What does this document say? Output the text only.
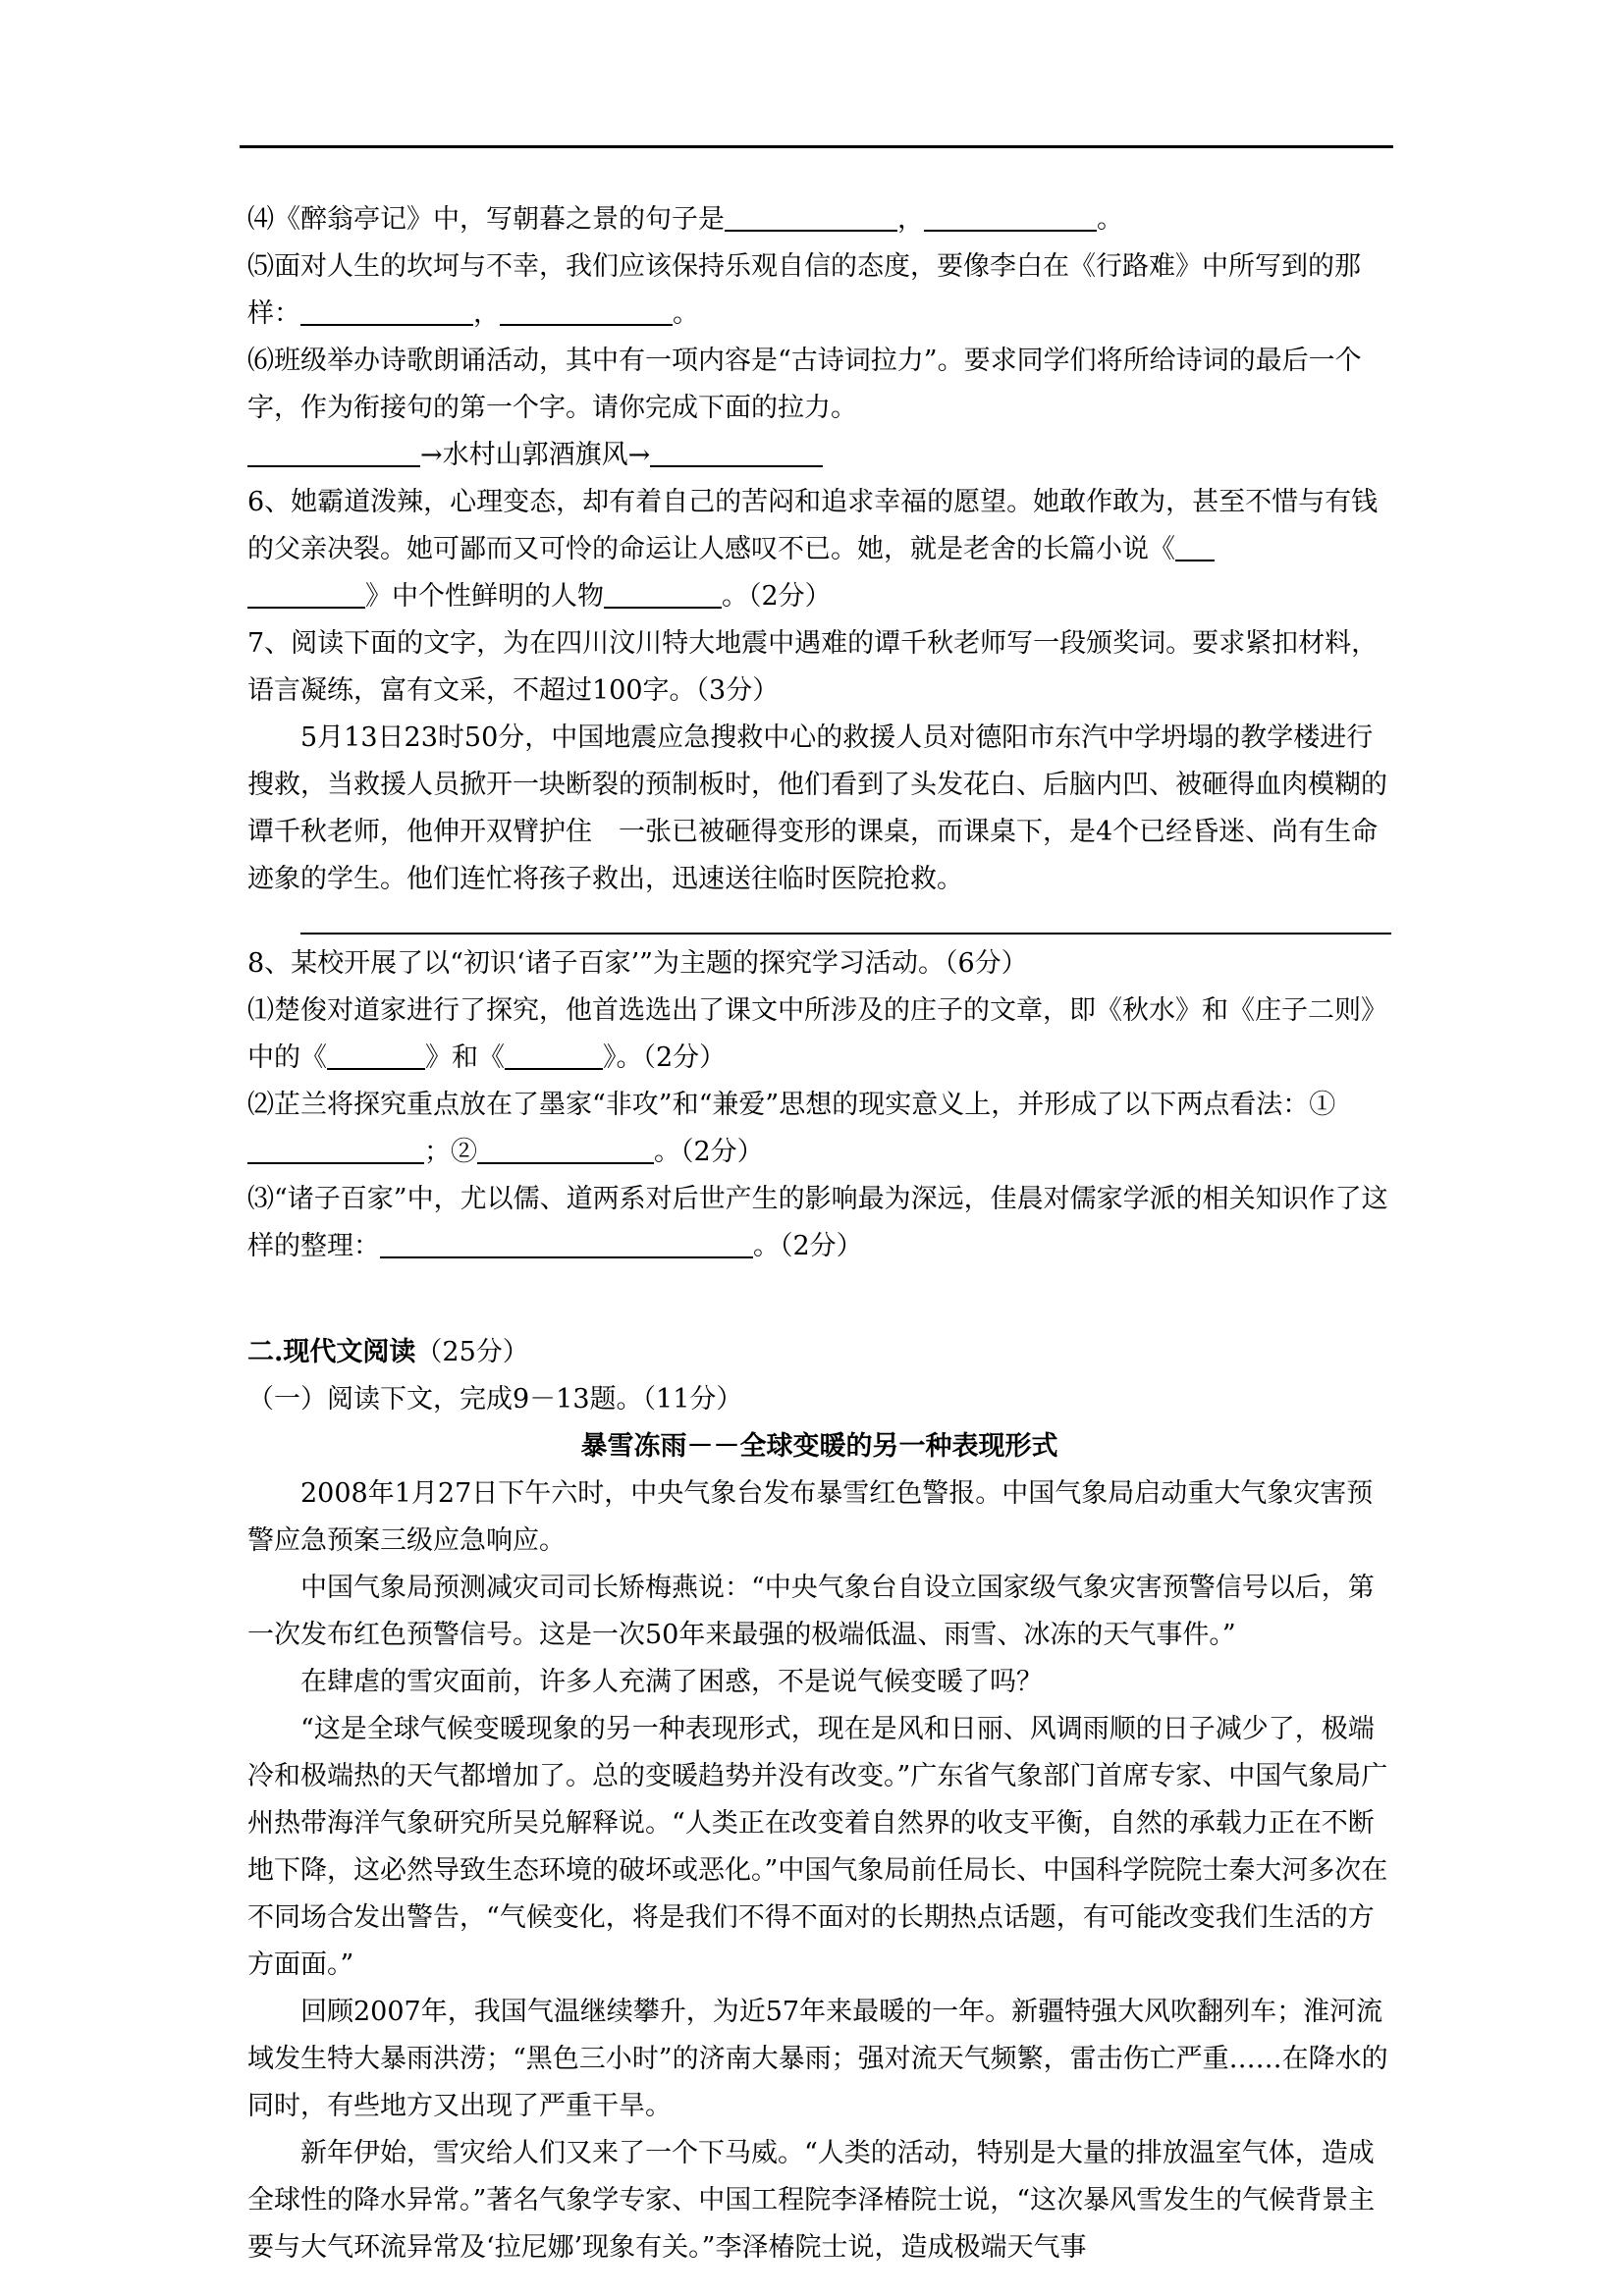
⑷《醉翁亭记》中，写朝暮之景的句子是	，	。

⑸面对人生的坎坷与不幸，我们应该保持乐观自信的态度，要像李白在《行路难》中所写到的那样：	，	。

⑹班级举办诗歌朗诵活动，其中有一项内容是“古诗词拉力”。要求同学们将所给诗词的最后一个字，作为衔接句的第一个字。请你完成下面的拉力。

→水村山郭酒旗风→

6、她霸道泼辣，心理变态，却有着自己的苦闷和追求幸福的愿望。她敢作敢为，甚至不惜与有钱的父亲决裂。她可鄙而又可怜的命运让人感叹不已。她，就是老舍的长篇小说《
》中个性鲜明的人物	。（2分）

7、阅读下面的文字，为在四川汶川特大地震中遇难的谭千秋老师写一段颁奖词。要求紧扣材料，语言凝练，富有文采，不超过100字。（3分）

5月13日23时50分，中国地震应急搜救中心的救援人员对德阳市东汽中学坍塌的教学楼进行搜救，当救援人员掀开一块断裂的预制板时，他们看到了头发花白、后脑内凹、被砸得血肉模糊的谭千秋老师，他伸开双臂护住　一张已被砸得变形的课桌，而课桌下，是4个已经昏迷、尚有生命迹象的学生。他们连忙将孩子救出，迅速送往临时医院抢救。

8、某校开展了以“初识‘诸子百家’”为主题的探究学习活动。（6分）

⑴楚俊对道家进行了探究，他首选选出了课文中所涉及的庄子的文章，即《秋水》和《庄子二则》中的《	》和《	》。（2分）

⑵芷兰将探究重点放在了墨家“非攻”和“兼爱”思想的现实意义上，并形成了以下两点看法：①；②	。（2分）

⑶“诸子百家”中，尤以儒、道两系对后世产生的影响最为深远，佳晨对儒家学派的相关知识作了这样的整理：	。（2分）

二.现代文阅读（25分）

（一）阅读下文，完成9－13题。（11分）

暴雪冻雨－－全球变暖的另一种表现形式

2008年1月27日下午六时，中央气象台发布暴雪红色警报。中国气象局启动重大气象灾害预警应急预案三级应急响应。

中国气象局预测减灾司司长矫梅燕说：“中央气象台自设立国家级气象灾害预警信号以后，第一次发布红色预警信号。这是一次50年来最强的极端低温、雨雪、冰冻的天气事件。”

在肆虐的雪灾面前，许多人充满了困惑，不是说气候变暖了吗？

“这是全球气候变暖现象的另一种表现形式，现在是风和日丽、风调雨顺的日子减少了，极端冷和极端热的天气都增加了。总的变暖趋势并没有改变。”广东省气象部门首席专家、中国气象局广州热带海洋气象研究所吴兑解释说。“人类正在改变着自然界的收支平衡，自然的承载力正在不断地下降，这必然导致生态环境的破坏或恶化。”中国气象局前任局长、中国科学院院士秦大河多次在不同场合发出警告，“气候变化，将是我们不得不面对的长期热点话题，有可能改变我们生活的方方面面。”

回顾2007年，我国气温继续攀升，为近57年来最暖的一年。新疆特强大风吹翻列车；淮河流域发生特大暴雨洪涝；“黑色三小时”的济南大暴雨；强对流天气频繁，雷击伤亡严重……在降水的同时，有些地方又出现了严重干旱。

新年伊始，雪灾给人们又来了一个下马威。“人类的活动，特别是大量的排放温室气体，造成全球性的降水异常。”著名气象学专家、中国工程院李泽椿院士说，“这次暴风雪发生的气候背景主要与大气环流异常及‘拉尼娜’现象有关。”李泽椿院士说，造成极端天气事
